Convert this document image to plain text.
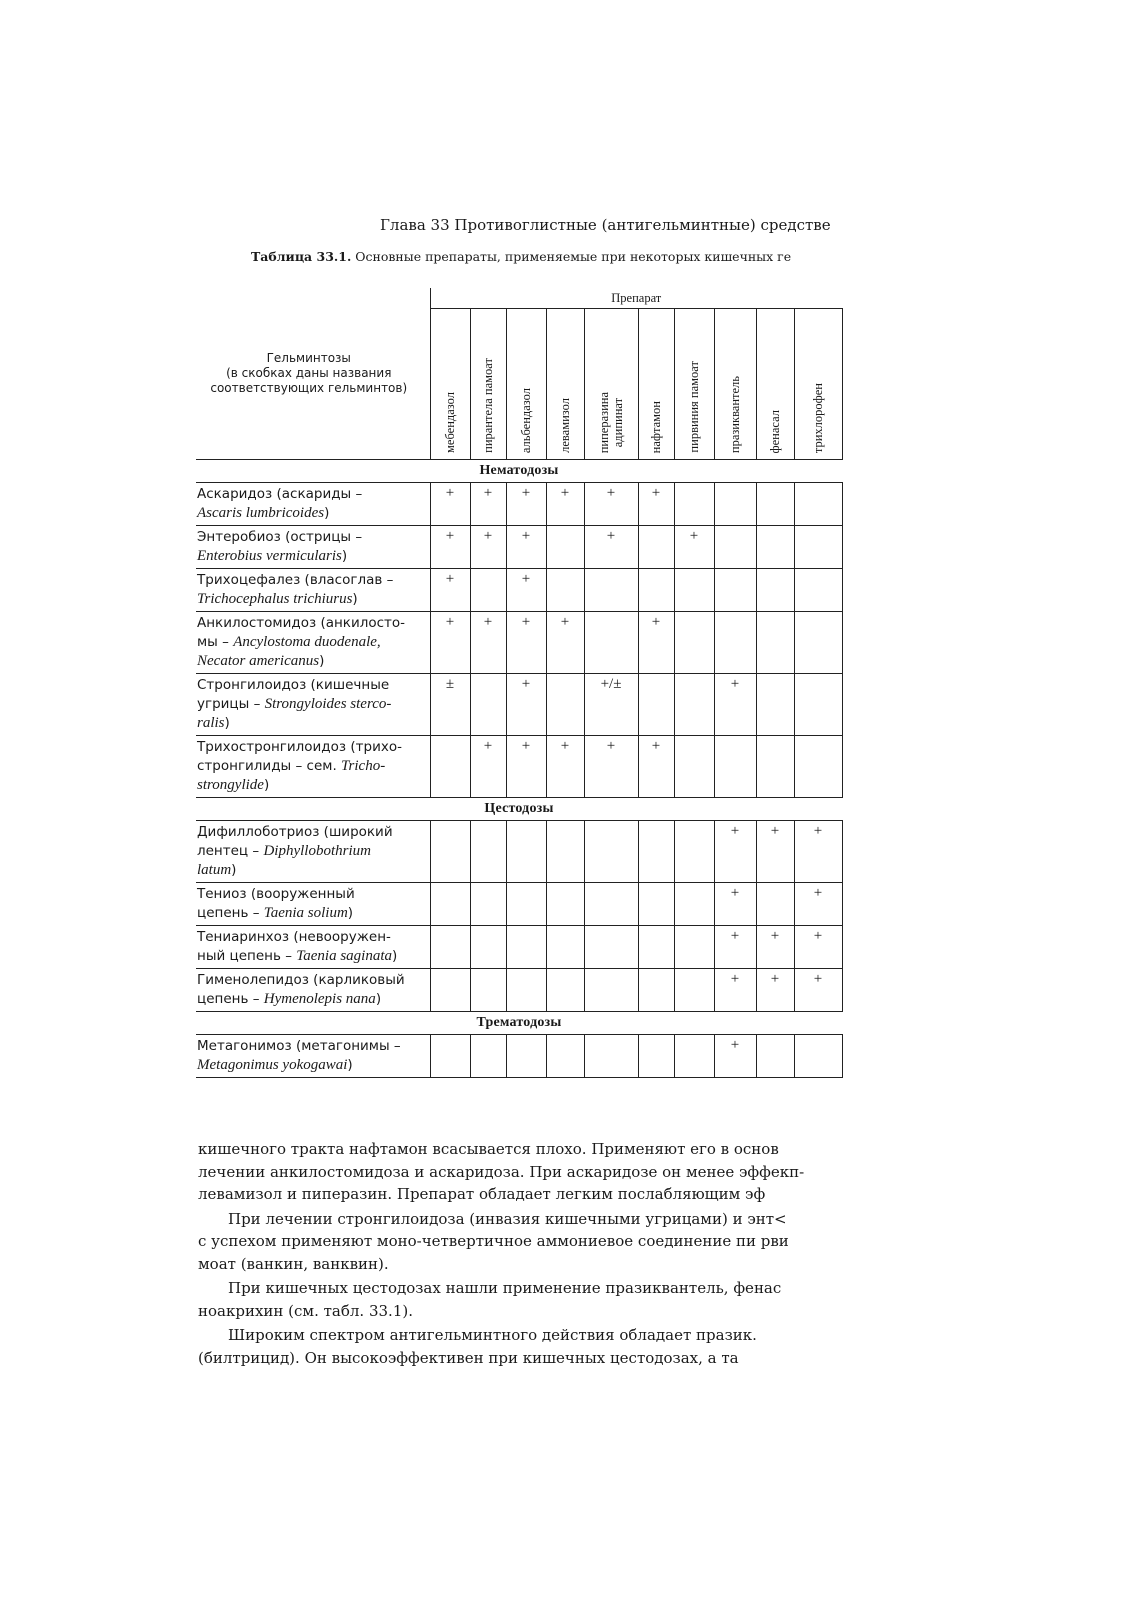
Глава 33 Противоглистные (антигельминтные) средстве
Таблица 33.1. Основные препараты, применяемые при некоторых кишечных ге
Гельминтозы
(в скобках даны названия
соответствующих гельминтов)	Препарат									

	мебендазол	пирантела памоат	альбендазол	левамизол	пиперазина адипинат	нафтамон	пирвиния памоат	празиквантель	фенасал	трихлорофен

Нематодозы										

Аскаридоз (аскариды –
Ascaris lumbricoides)	+	+	+	+	+	+				

Энтеробиоз (острицы –
Enterobius vermicularis)	+	+	+		+		+			

Трихоцефалез (власоглав –
Trichocephalus trichiurus)	+		+							

Анкилостомидоз (анкилосто-
мы – Ancylostoma duodenale,
Necator americanus)	+	+	+	+		+				

Стронгилоидоз (кишечные
угрицы – Strongyloides sterco-
ralis)	±		+		+/±			+		

Трихостронгилоидоз (трихо-
стронгилиды – сем. Tricho-
strongylide)		+	+	+	+	+				
Цестодозы										

Дифиллоботриоз (широкий
лентец – Diphyllobothrium
latum)								+	+	+

Тениоз (вооруженный
цепень – Taenia solium)								+		+

Тениаринхоз (невооружен-
ный цепень – Taenia saginata)								+	+	+

Гименолепидоз (карликовый
цепень – Hymenolepis nana)								+	+	+
Трематодозы										

Метагонимоз (метагонимы –
Metagonimus yokogawai)								+		

кишечного тракта нафтамон всасывается плохо. Применяют его в основ
лечении анкилостомидоза и аскаридоза. При аскаридозе он менее эффекп-
левамизол и пиперазин. Препарат обладает легким послабляющим эф

При лечении стронгилоидоза (инвазия кишечными угрицами) и энт<
с успехом применяют моно-четвертичное аммониевое соединение пи рви
моат (ванкин, ванквин).

При кишечных цестодозах нашли применение празиквантель, фенас
ноакрихин (см. табл. 33.1).

Широким спектром антигельминтного действия обладает празик.
(билтрицид). Он высокоэффективен при кишечных цестодозах, а та
